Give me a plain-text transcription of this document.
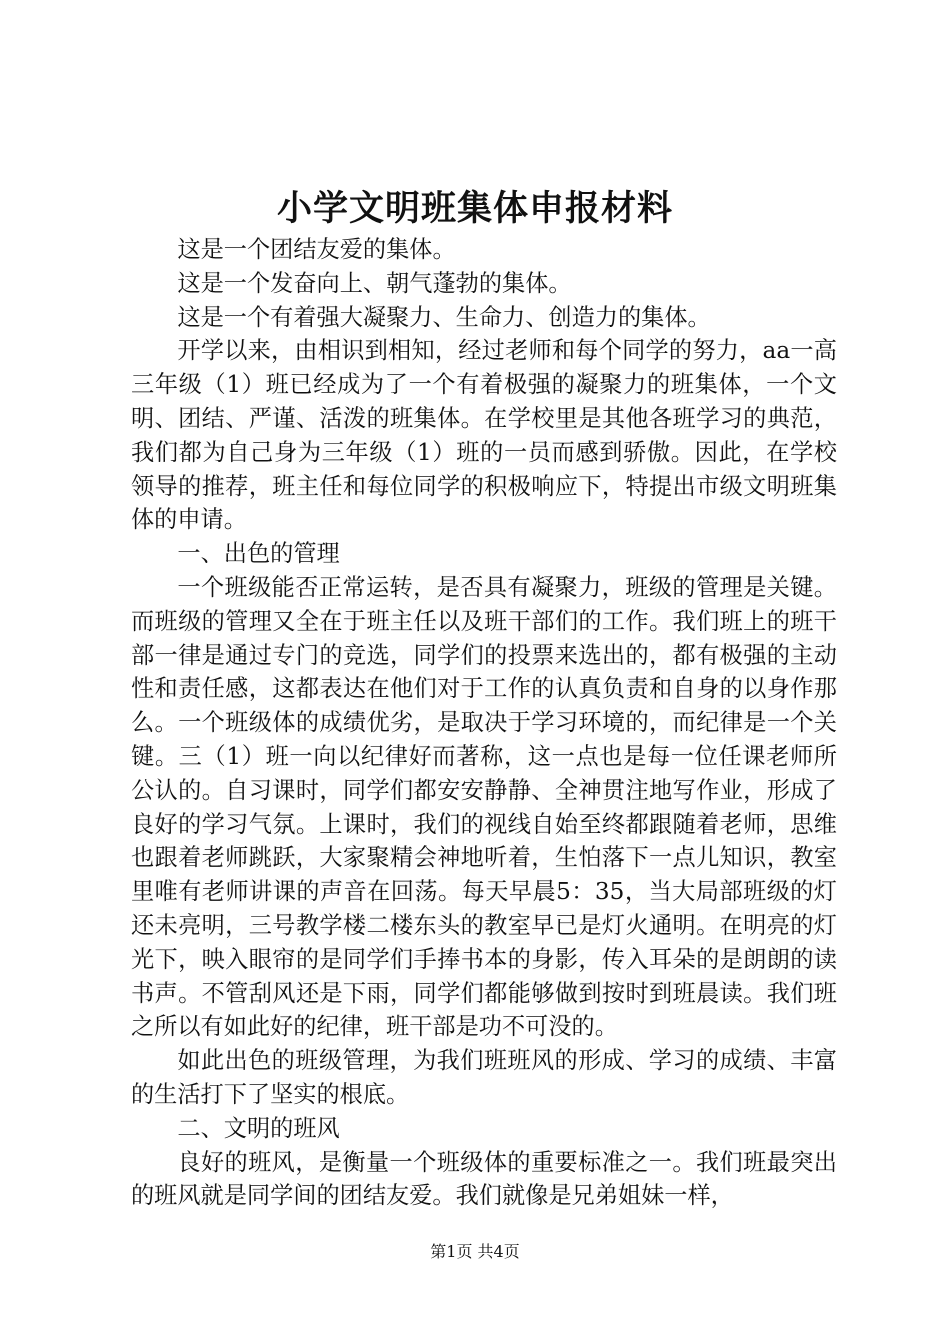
小学文明班集体申报材料

这是一个团结友爱的集体。

这是一个发奋向上、朝气蓬勃的集体。

这是一个有着强大凝聚力、生命力、创造力的集体。

开学以来，由相识到相知，经过老师和每个同学的努力，aa一高三年级（1）班已经成为了一个有着极强的凝聚力的班集体，一个文明、团结、严谨、活泼的班集体。在学校里是其他各班学习的典范，我们都为自己身为三年级（1）班的一员而感到骄傲。因此，在学校领导的推荐，班主任和每位同学的积极响应下，特提出市级文明班集体的申请。

一、出色的管理

一个班级能否正常运转，是否具有凝聚力，班级的管理是关键。而班级的管理又全在于班主任以及班干部们的工作。我们班上的班干部一律是通过专门的竞选，同学们的投票来选出的，都有极强的主动性和责任感，这都表达在他们对于工作的认真负责和自身的以身作那么。一个班级体的成绩优劣，是取决于学习环境的，而纪律是一个关键。三（1）班一向以纪律好而著称，这一点也是每一位任课老师所公认的。自习课时，同学们都安安静静、全神贯注地写作业，形成了良好的学习气氛。上课时，我们的视线自始至终都跟随着老师，思维也跟着老师跳跃，大家聚精会神地听着，生怕落下一点儿知识，教室里唯有老师讲课的声音在回荡。每天早晨5：35，当大局部班级的灯还未亮明，三号教学楼二楼东头的教室早已是灯火通明。在明亮的灯光下，映入眼帘的是同学们手捧书本的身影，传入耳朵的是朗朗的读书声。不管刮风还是下雨，同学们都能够做到按时到班晨读。我们班之所以有如此好的纪律，班干部是功不可没的。

如此出色的班级管理，为我们班班风的形成、学习的成绩、丰富的生活打下了坚实的根底。

二、文明的班风

良好的班风，是衡量一个班级体的重要标准之一。我们班最突出的班风就是同学间的团结友爱。我们就像是兄弟姐妹一样，

第1页 共4页
